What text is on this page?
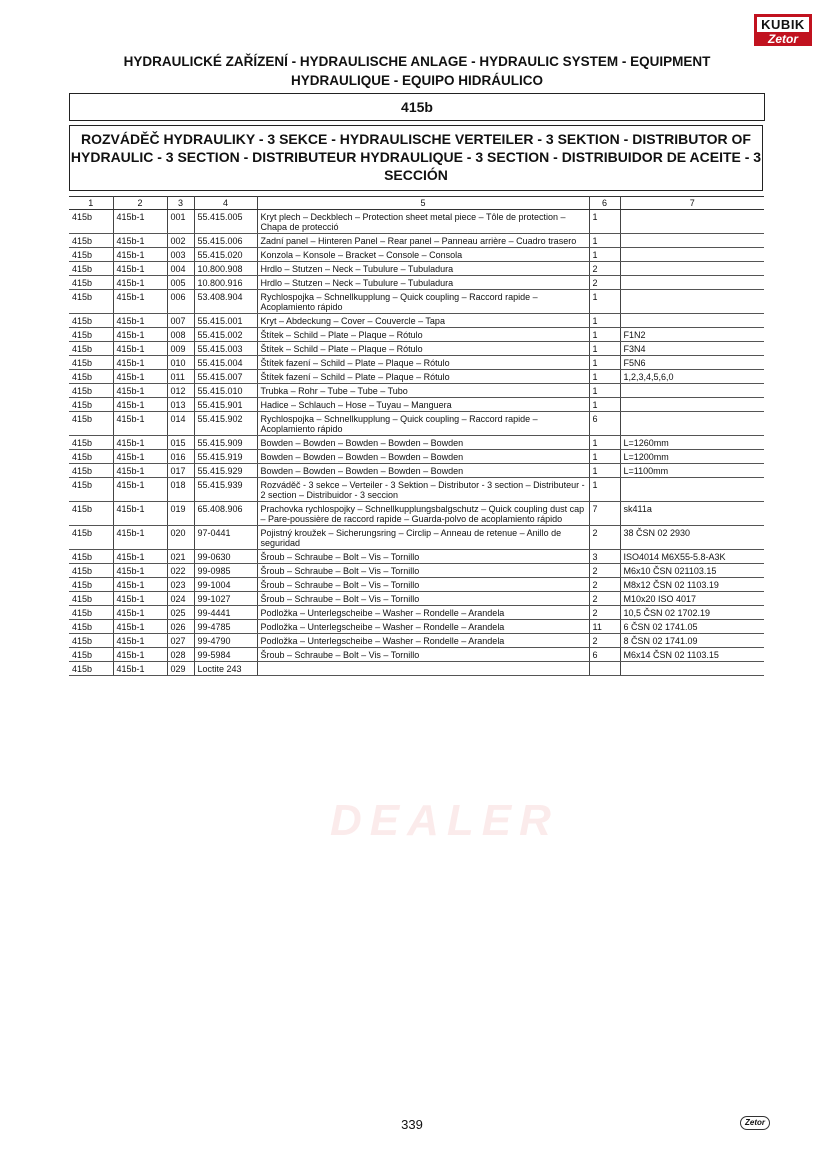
KUBIK
Zetor
DEALER
HYDRAULICKÉ ZAŘÍZENÍ - HYDRAULISCHE ANLAGE - HYDRAULIC SYSTEM - EQUIPMENT
HYDRAULIQUE - EQUIPO HIDRÁULICO
415b
ROZVÁDĚČ HYDRAULIKY - 3 SEKCE - HYDRAULISCHE VERTEILER - 3 SEKTION - DISTRIBUTOR OF
HYDRAULIC - 3 SECTION - DISTRIBUTEUR HYDRAULIQUE - 3 SECTION - DISTRIBUIDOR DE ACEITE - 3
SECCIÓN
1	2	3	4	5	6	7
415b	415b-1	001	55.415.005	Kryt plech – Deckblech – Protection sheet metal piece – Tôle de protection – Chapa de protecció	1	
415b	415b-1	002	55.415.006	Zadní panel – Hinteren Panel – Rear panel – Panneau arrière – Cuadro trasero	1	
415b	415b-1	003	55.415.020	Konzola – Konsole – Bracket – Console – Consola	1	
415b	415b-1	004	10.800.908	Hrdlo – Stutzen – Neck – Tubulure – Tubuladura	2	
415b	415b-1	005	10.800.916	Hrdlo – Stutzen – Neck – Tubulure – Tubuladura	2	
415b	415b-1	006	53.408.904	Rychlospojka – Schnellkupplung – Quick coupling – Raccord rapide – Acoplamiento rápido	1	
415b	415b-1	007	55.415.001	Kryt – Abdeckung – Cover – Couvercle – Tapa	1	
415b	415b-1	008	55.415.002	Štítek – Schild – Plate – Plaque – Rótulo	1	F1N2
415b	415b-1	009	55.415.003	Štítek – Schild – Plate – Plaque – Rótulo	1	F3N4
415b	415b-1	010	55.415.004	Štítek fazení – Schild – Plate – Plaque – Rótulo	1	F5N6
415b	415b-1	011	55.415.007	Štítek fazení – Schild – Plate – Plaque – Rótulo	1	1,2,3,4,5,6,0
415b	415b-1	012	55.415.010	Trubka – Rohr – Tube – Tube – Tubo	1	
415b	415b-1	013	55.415.901	Hadice – Schlauch – Hose – Tuyau – Manguera	1	
415b	415b-1	014	55.415.902	Rychlospojka – Schnellkupplung – Quick coupling – Raccord rapide – Acoplamiento rápido	6	
415b	415b-1	015	55.415.909	Bowden – Bowden – Bowden – Bowden – Bowden	1	L=1260mm
415b	415b-1	016	55.415.919	Bowden – Bowden – Bowden – Bowden – Bowden	1	L=1200mm
415b	415b-1	017	55.415.929	Bowden – Bowden – Bowden – Bowden – Bowden	1	L=1100mm
415b	415b-1	018	55.415.939	Rozváděč - 3 sekce – Verteiler - 3 Sektion – Distributor - 3 section – Distributeur - 2 section – Distribuidor - 3 seccion	1	
415b	415b-1	019	65.408.906	Prachovka rychlospojky – Schnellkupplungsbalgschutz – Quick coupling dust cap – Pare-poussière de raccord rapide – Guarda-polvo de acoplamiento rápido	7	sk411a
415b	415b-1	020	97-0441	Pojistný kroužek – Sicherungsring – Circlip – Anneau de retenue – Anillo de seguridad	2	38 ČSN 02 2930
415b	415b-1	021	99-0630	Šroub – Schraube – Bolt – Vis – Tornillo	3	ISO4014 M6X55-5.8-A3K
415b	415b-1	022	99-0985	Šroub – Schraube – Bolt – Vis – Tornillo	2	M6x10 ČSN 021103.15
415b	415b-1	023	99-1004	Šroub – Schraube – Bolt – Vis – Tornillo	2	M8x12 ČSN 02 1103.19
415b	415b-1	024	99-1027	Šroub – Schraube – Bolt – Vis – Tornillo	2	M10x20 ISO 4017
415b	415b-1	025	99-4441	Podložka – Unterlegscheibe – Washer – Rondelle – Arandela	2	10,5 ČSN 02 1702.19
415b	415b-1	026	99-4785	Podložka – Unterlegscheibe – Washer – Rondelle – Arandela	11	6 ČSN 02 1741.05
415b	415b-1	027	99-4790	Podložka – Unterlegscheibe – Washer – Rondelle – Arandela	2	8 ČSN 02 1741.09
415b	415b-1	028	99-5984	Šroub – Schraube – Bolt – Vis – Tornillo	6	M6x14 ČSN 02 1103.15
415b	415b-1	029	Loctite 243			
339	Zetor
